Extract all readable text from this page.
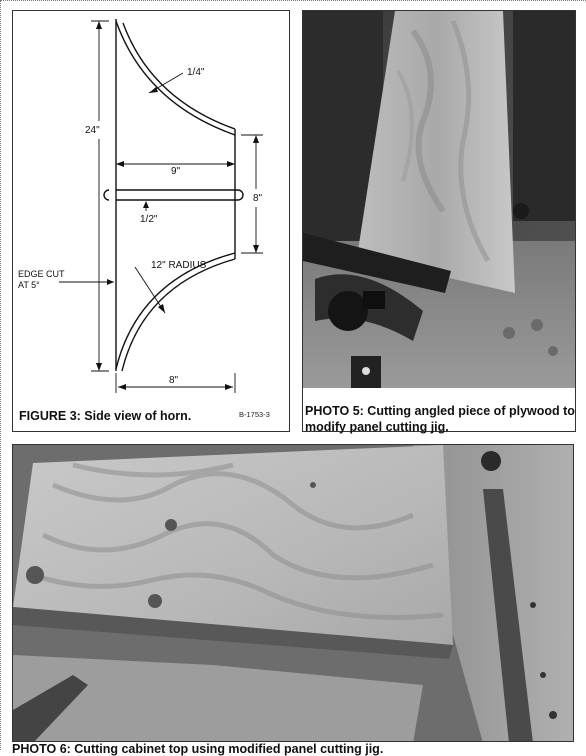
24"
1/4"
9"
1/2"
8"
12" RADIUS
EDGE CUT
AT 5°
8"
FIGURE 3: Side view of horn.	B-1753-3	PHOTO 5: Cutting angled piece of plywood to modify panel cutting jig.
PHOTO 6: Cutting cabinet top using modified panel cutting jig.
